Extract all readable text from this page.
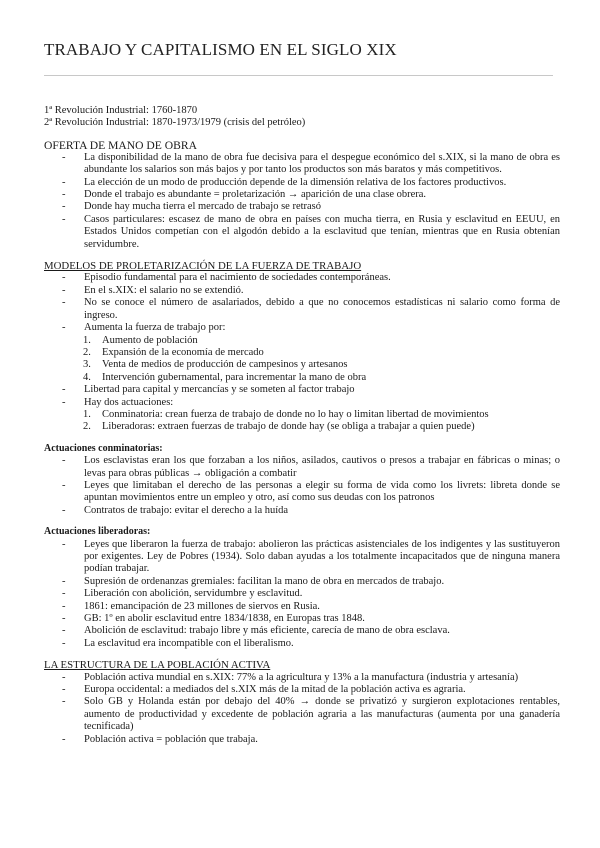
TRABAJO Y CAPITALISMO EN EL SIGLO XIX
1ª Revolución Industrial: 1760-1870
2ª Revolución Industrial: 1870-1973/1979 (crisis del petróleo)
OFERTA DE MANO DE OBRA
- La disponibilidad de la mano de obra fue decisiva para el despegue económico del s.XIX, si la mano de obra es abundante los salarios son más bajos y por tanto los productos son más baratos y más competitivos.
- La elección de un modo de producción depende de la dimensión relativa de los factores productivos.
- Donde el trabajo es abundante = proletarización → aparición de una clase obrera.
- Donde hay mucha tierra el mercado de trabajo se retrasó
- Casos particulares: escasez de mano de obra en países con mucha tierra, en Rusia y esclavitud en EEUU, en Estados Unidos competían con el algodón debido a la esclavitud que tenían, mientras que en Rusia obtenían servidumbre.
MODELOS DE PROLETARIZACIÓN DE LA FUERZA DE TRABAJO
- Episodio fundamental para el nacimiento de sociedades contemporáneas.
- En el s.XIX: el salario no se extendió.
- No se conoce el número de asalariados, debido a que no conocemos estadísticas ni salario como forma de ingreso.
- Aumenta la fuerza de trabajo por:
1. Aumento de población
2. Expansión de la economía de mercado
3. Venta de medios de producción de campesinos y artesanos
4. Intervención gubernamental, para incrementar la mano de obra
- Libertad para capital y mercancías y se someten al factor trabajo
- Hay dos actuaciones:
1. Conminatoria: crean fuerza de trabajo de donde no lo hay o limitan libertad de movimientos
2. Liberadoras: extraen fuerzas de trabajo de donde hay (se obliga a trabajar a quien puede)
Actuaciones conminatorias:
- Los esclavistas eran los que forzaban a los niños, asilados, cautivos o presos a trabajar en fábricas o minas; o levas para obras públicas → obligación a combatir
- Leyes que limitaban el derecho de las personas a elegir su forma de vida como los livrets: libreta donde se apuntan movimientos entre un empleo y otro, así como sus deudas con los patronos
- Contratos de trabajo: evitar el derecho a la huída
Actuaciones liberadoras:
- Leyes que liberaron la fuerza de trabajo: abolieron las prácticas asistenciales de los indigentes y las sustituyeron por exigentes. Ley de Pobres (1934). Solo daban ayudas a los totalmente incapacitados que de ninguna manera podían trabajar.
- Supresión de ordenanzas gremiales: facilitan la mano de obra en mercados de trabajo.
- Liberación con abolición, servidumbre y esclavitud.
- 1861: emancipación de 23 millones de siervos en Rusia.
- GB: 1º en abolir esclavitud entre 1834/1838, en Europas tras 1848.
- Abolición de esclavitud: trabajo libre y más eficiente, carecía de mano de obra esclava.
- La esclavitud era incompatible con el liberalismo.
LA ESTRUCTURA DE LA POBLACIÓN ACTIVA
- Población activa mundial en s.XIX: 77% a la agricultura y 13% a la manufactura (industria y artesanía)
- Europa occidental: a mediados del s.XIX más de la mitad de la población activa es agraria.
- Solo GB y Holanda están por debajo del 40% → donde se privatizó y surgieron explotaciones rentables, aumento de productividad y excedente de población agraria a las manufacturas (aumenta por una ganadería tecnificada)
- Población activa = población que trabaja.
